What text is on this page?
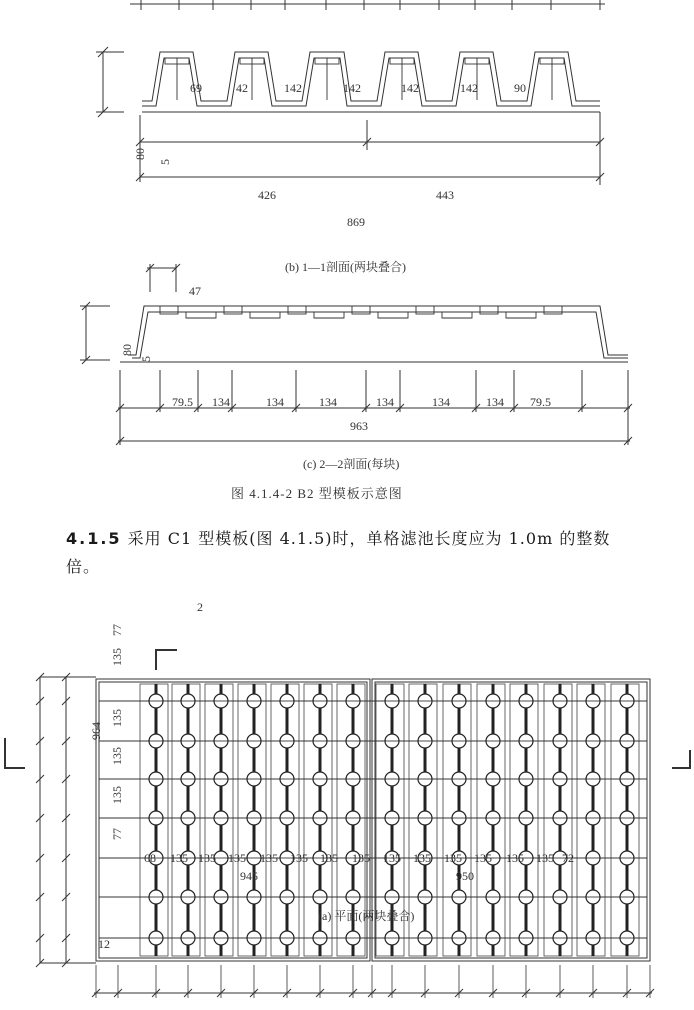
69	42	142	142	142	142	90
80
5
426	443
869
(b) 1—1剖面(两块叠合)
47
80
5
79.5 134	134	134	134	134	134 79.5
963
(c) 2—2剖面(每块)
图 4.1.4-2 B2 型模板示意图
2
135
77
135
135
135
77
964
68 135 135 135 135 135 135 135 135 135 135 135 135 135 72
945	950
12
(a) 平面(两块叠合)
4.1.5 采用 C1 型模板(图 4.1.5)时，单格滤池长度应为 1.0m 的整数倍。
